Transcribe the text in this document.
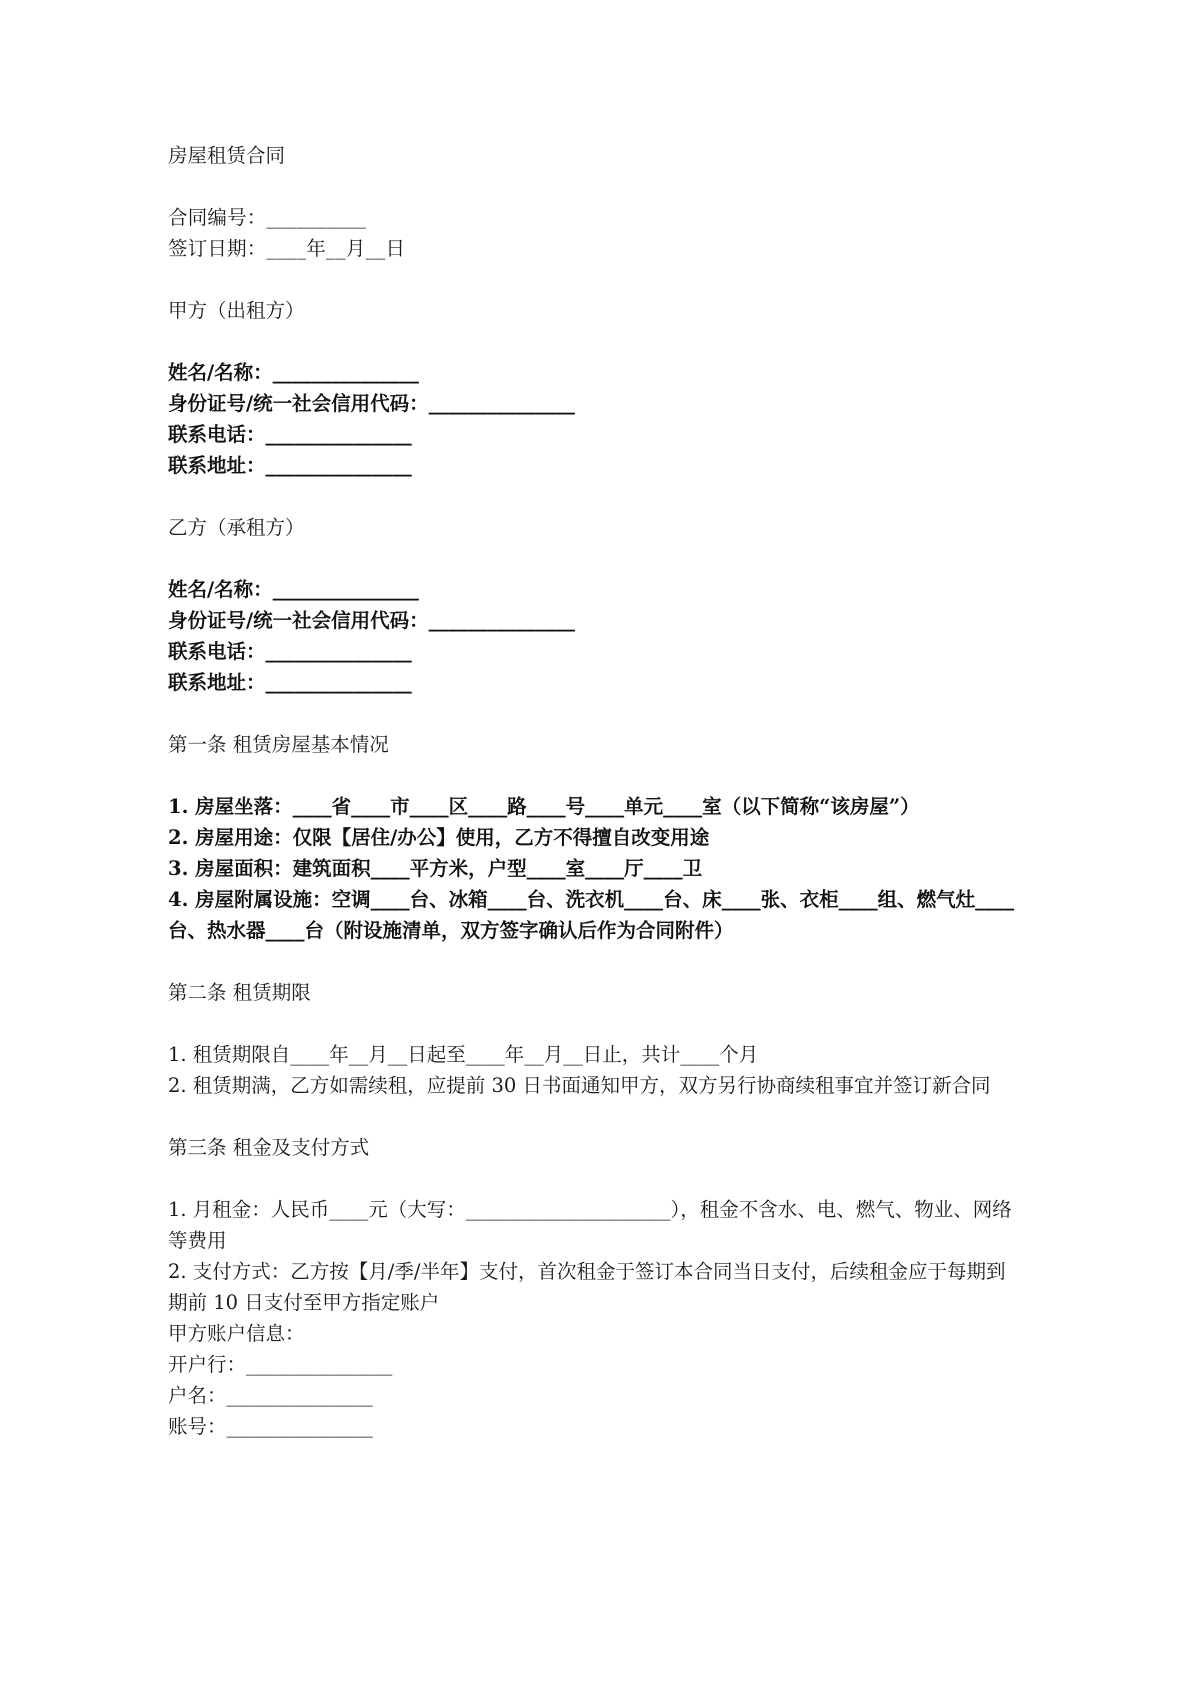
房屋租赁合同
合同编号：__________
签订日期：____年__月__日
甲方（出租方）
姓名/名称：_______________
身份证号/统一社会信用代码：_______________
联系电话：_______________
联系地址：_______________
乙方（承租方）
姓名/名称：_______________
身份证号/统一社会信用代码：_______________
联系电话：_______________
联系地址：_______________
第一条 租赁房屋基本情况
1. 房屋坐落：____省____市____区____路____号____单元____室（以下简称“该房屋”）
2. 房屋用途：仅限【居住/办公】使用，乙方不得擅自改变用途
3. 房屋面积：建筑面积____平方米，户型____室____厅____卫
4. 房屋附属设施：空调____台、冰箱____台、洗衣机____台、床____张、衣柜____组、燃气灶____台、热水器____台（附设施清单，双方签字确认后作为合同附件）
第二条 租赁期限
1. 租赁期限自____年__月__日起至____年__月__日止，共计____个月
2. 租赁期满，乙方如需续租，应提前 30 日书面通知甲方，双方另行协商续租事宜并签订新合同
第三条 租金及支付方式
1. 月租金：人民币____元（大写：_____________________），租金不含水、电、燃气、物业、网络等费用
2. 支付方式：乙方按【月/季/半年】支付，首次租金于签订本合同当日支付，后续租金应于每期到期前 10 日支付至甲方指定账户
甲方账户信息：
开户行：_______________
户名：_______________
账号：_______________
